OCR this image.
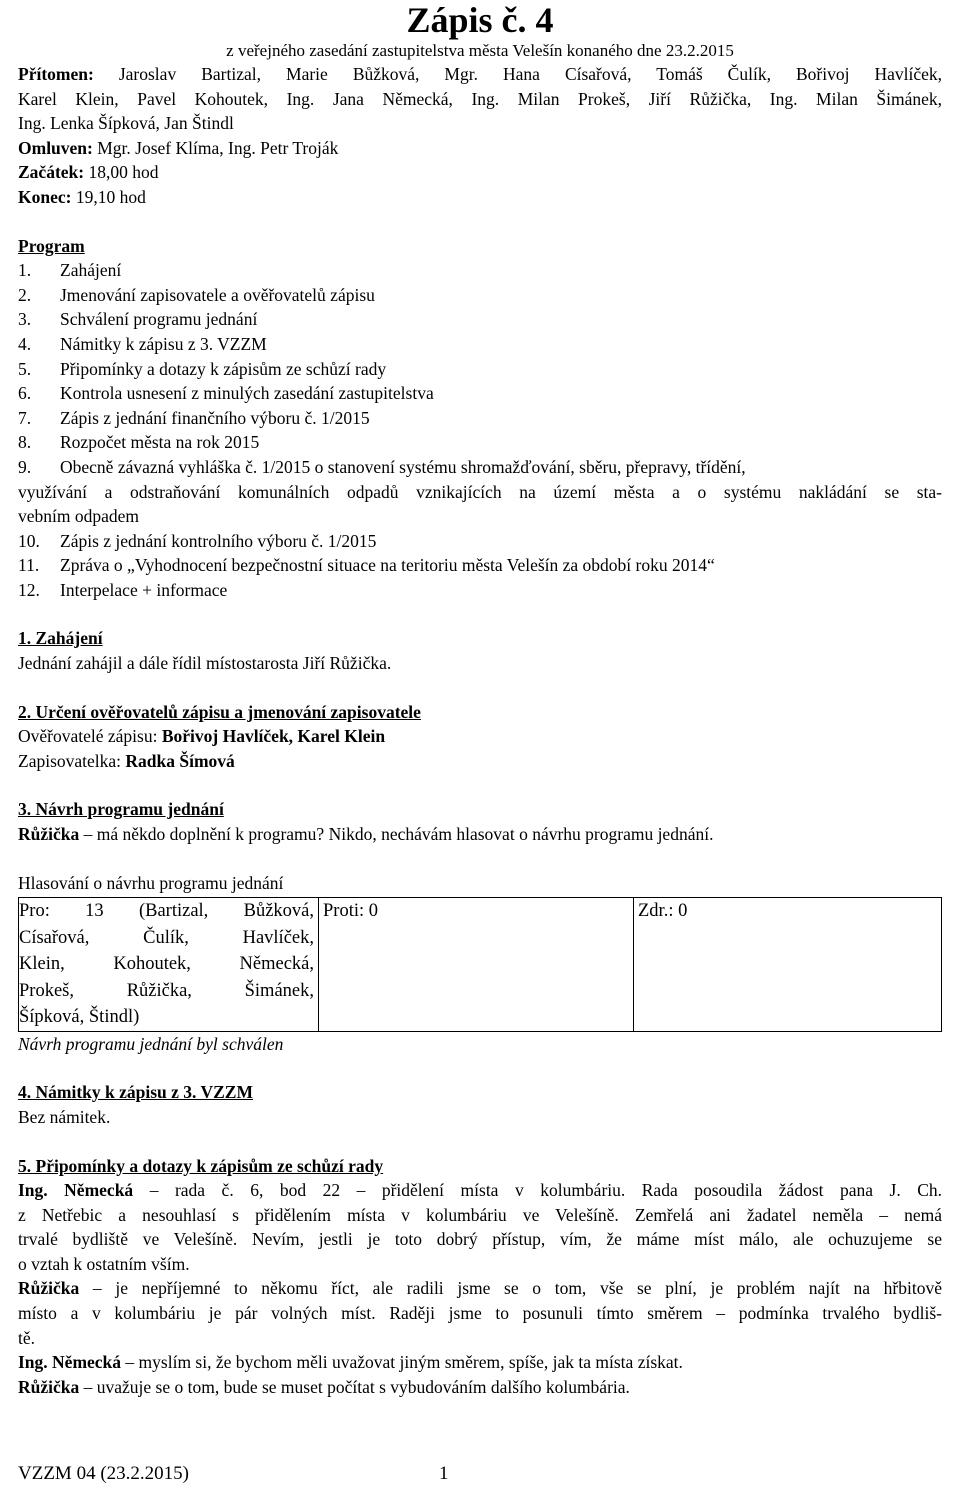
Zápis č. 4
z veřejného zasedání zastupitelstva města Velešín konaného dne 23.2.2015
Přítomen: Jaroslav Bartizal, Marie Bůžková, Mgr. Hana Císařová, Tomáš Čulík, Bořivoj Havlíček,
Karel Klein, Pavel Kohoutek, Ing. Jana Německá, Ing. Milan Prokeš, Jiří Růžička, Ing. Milan Šimánek,
Ing. Lenka Šípková, Jan Štindl
Omluven: Mgr. Josef Klíma, Ing. Petr Troják
Začátek: 18,00 hod
Konec: 19,10 hod
Program
1.	Zahájení
2.	Jmenování zapisovatele a ověřovatelů zápisu
3.	Schválení programu jednání
4.	Námitky k zápisu z 3. VZZM
5.	Připomínky a dotazy k zápisům ze schůzí rady
6.	Kontrola usnesení z minulých zasedání zastupitelstva
7.	Zápis z jednání finančního výboru č. 1/2015
8.	Rozpočet města na rok 2015
9.	Obecně závazná vyhláška č. 1/2015 o stanovení systému shromažďování, sběru, přepravy, třídění,
využívání a odstraňování komunálních odpadů vznikajících na území města a o systému nakládání se sta-
vebním odpadem
10.	Zápis z jednání kontrolního výboru č. 1/2015
11.	Zpráva o „Vyhodnocení bezpečnostní situace na teritoriu města Velešín za období roku 2014“
12.	Interpelace + informace
1. Zahájení
Jednání zahájil a dále řídil místostarosta Jiří Růžička.
2. Určení ověřovatelů zápisu a jmenování zapisovatele
Ověřovatelé zápisu: Bořivoj Havlíček, Karel Klein
Zapisovatelka: Radka Šímová
3. Návrh programu jednání
Růžička – má někdo doplnění k programu? Nikdo, nechávám hlasovat o návrhu programu jednání.
Hlasování o návrhu programu jednání
Pro: 13 (Bartizal, Bůžková,
Císařová, Čulík, Havlíček,
Klein, Kohoutek, Německá,
Prokeš, Růžička, Šimánek,
Šípková, Štindl)
	Proti: 0	Zdr.: 0
Návrh programu jednání byl schválen
4. Námitky k zápisu z 3. VZZM
Bez námitek.
5. Připomínky a dotazy k zápisům ze schůzí rady
Ing. Německá – rada č. 6, bod 22 – přidělení místa v kolumbáriu. Rada posoudila žádost pana J. Ch.
z Netřebic a nesouhlasí s přidělením místa v kolumbáriu ve Velešíně. Zemřelá ani žadatel neměla – nemá
trvalé bydliště ve Velešíně. Nevím, jestli je toto dobrý přístup, vím, že máme míst málo, ale ochuzujeme se
o vztah k ostatním vším.
Růžička – je nepříjemné to někomu říct, ale radili jsme se o tom, vše se plní, je problém najít na hřbitově
místo a v kolumbáriu je pár volných míst. Raději jsme to posunuli tímto směrem – podmínka trvalého bydliš-
tě.
Ing. Německá – myslím si, že bychom měli uvažovat jiným směrem, spíše, jak ta místa získat.
Růžička – uvažuje se o tom, bude se muset počítat s vybudováním dalšího kolumbária.
VZZM 04 (23.2.2015)	1
